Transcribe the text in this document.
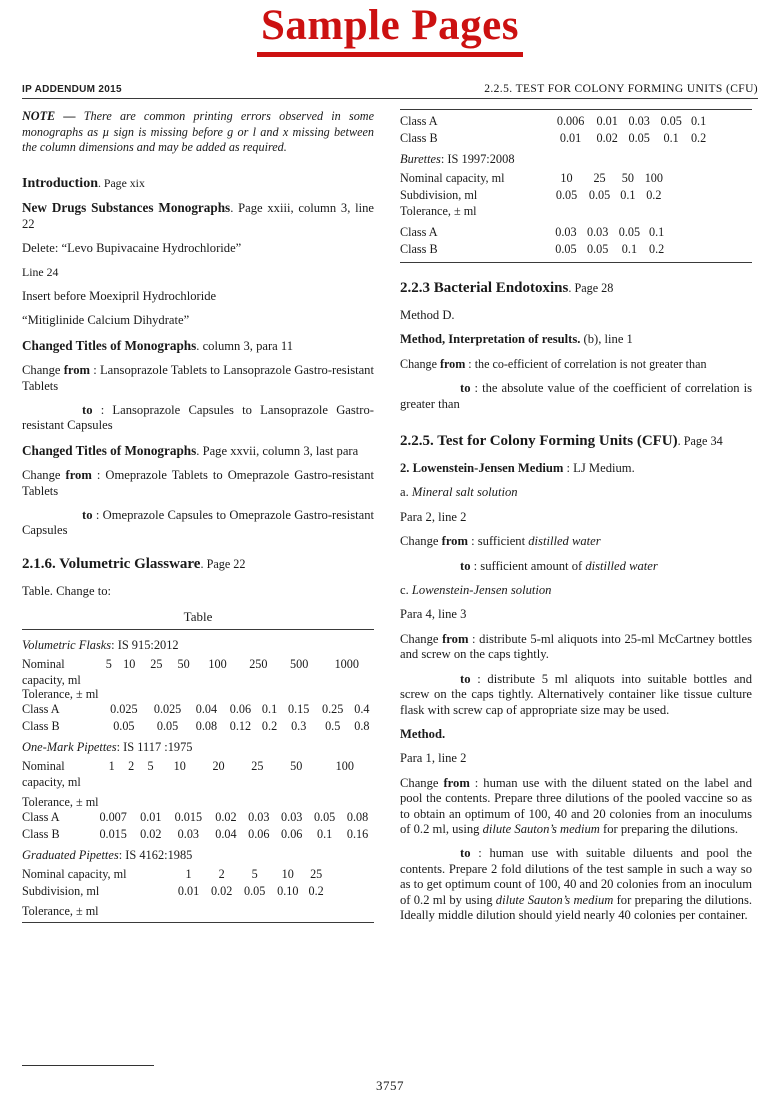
Sample Pages
IP ADDENDUM 2015	2.2.5. TEST FOR COLONY FORMING UNITS (CFU)

NOTE — There are common printing errors observed in some monographs as µ sign is missing before g or l and x missing between the column dimensions and may be added as required.

Introduction. Page xix

New Drugs Substances Monographs. Page xxiii, column 3, line 22

Delete: “Levo Bupivacaine Hydrochloride”

Line 24

Insert before Moexipril Hydrochloride

“Mitiglinide Calcium Dihydrate”

Changed Titles of Monographs. column 3, para 11

Change from : Lansoprazole Tablets to Lansoprazole Gastro-resistant Tablets

to : Lansoprazole Capsules to Lansoprazole Gastro-resistant Capsules

Changed Titles of Monographs. Page xxvii, column 3, last para

Change from : Omeprazole Tablets to Omeprazole Gastro-resistant Tablets

to : Omeprazole Capsules to Omeprazole Gastro-resistant Capsules

2.1.6. Volumetric Glassware. Page 22

Table. Change to:

Table
Volumetric Flasks: IS 915:2012
Nominal	5	10	25	50	100	250	500	1000
capacity, ml
Tolerance, ± ml
Class A	0.025	0.025	0.04	0.06	0.1	0.15	0.25	0.4
Class B	0.05	0.05	0.08	0.12	0.2	0.3	0.5	0.8
One-Mark Pipettes: IS 1117 :1975
Nominal	1	2	5	10	20	25	50	100
capacity, ml
Tolerance, ± ml
Class A	0.007	0.01	0.015	0.02	0.03	0.03	0.05	0.08
Class B	0.015	0.02	0.03	0.04	0.06	0.06	0.1	0.16
Graduated Pipettes: IS 4162:1985
Nominal capacity, ml	1	2	5	10	25	
Subdivision, ml	0.01	0.02	0.05	0.10	0.2	
Tolerance, ± ml
Class A	0.006	0.01	0.03	0.05	0.1	
Class B	0.01	0.02	0.05	0.1	0.2	
Burettes: IS 1997:2008
Nominal capacity, ml	10	25	50	100		
Subdivision, ml	0.05	0.05	0.1	0.2		
Tolerance, ± ml
Class A	0.03	0.03	0.05	0.1		
Class B	0.05	0.05	0.1	0.2		

2.2.3 Bacterial Endotoxins. Page 28

Method D.

Method, Interpretation of results. (b), line 1

Change from : the co-efficient of correlation is not greater than

to : the absolute value of the coefficient of correlation is greater than

2.2.5. Test for Colony Forming Units (CFU). Page 34

2. Lowenstein-Jensen Medium : LJ Medium.

a. Mineral salt solution

Para 2, line 2

Change from : sufficient distilled water

to : sufficient amount of distilled water

c. Lowenstein-Jensen solution

Para 4, line 3

Change from : distribute 5-ml aliquots into 25-ml McCartney bottles and screw on the caps tightly.

to : distribute 5 ml aliquots into suitable bottles and screw on the caps tightly. Alternatively container like tissue culture flask with screw cap of appropriate size may be used.

Method.

Para 1, line 2

Change from : human use with the diluent stated on the label and pool the contents. Prepare three dilutions of the pooled vaccine so as to obtain an optimum of 100, 40 and 20 colonies from an inoculums of 0.2 ml, using dilute Sauton’s medium for preparing the dilutions.

to : human use with suitable diluents and pool the contents. Prepare 2 fold dilutions of the test sample in such a way so as to get optimum count of 100, 40 and 20 colonies from an inoculum of 0.2 ml by using dilute Sauton’s medium for preparing the dilutions. Ideally middle dilution should yield nearly 40 colonies per container.

3757
